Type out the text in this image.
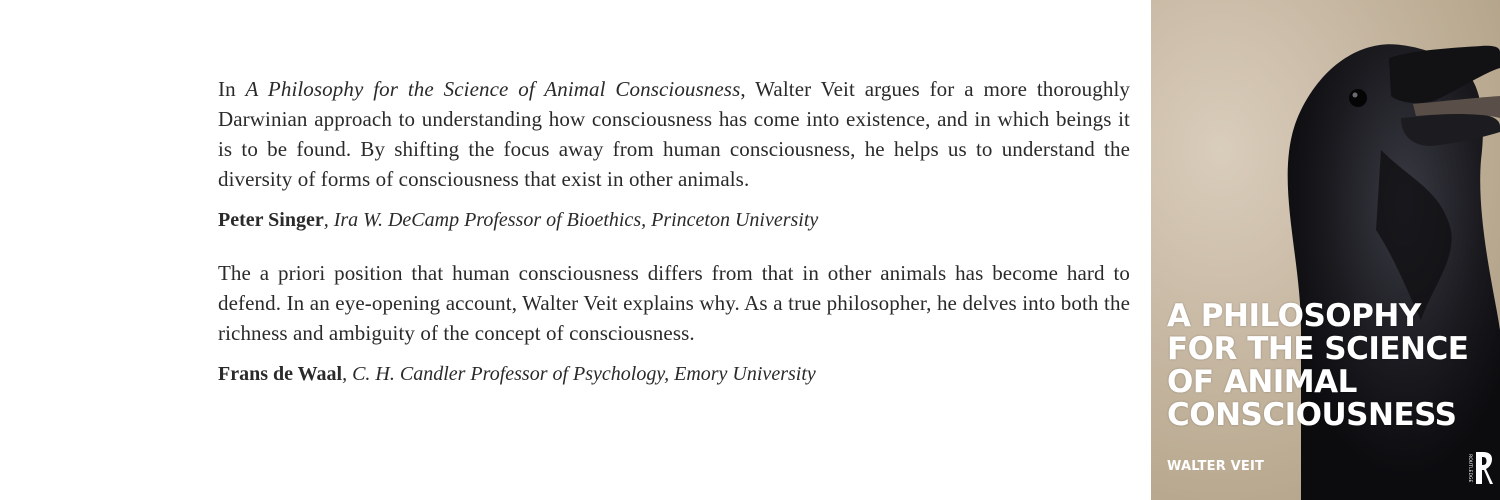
In A Philosophy for the Science of Animal Consciousness, Walter Veit argues for a more thoroughly Darwinian approach to understanding how consciousness has come into existence, and in which beings it is to be found. By shifting the focus away from human consciousness, he helps us to understand the diversity of forms of consciousness that exist in other animals.

Peter Singer, Ira W. DeCamp Professor of Bioethics, Princeton University

The a priori position that human consciousness differs from that in other animals has become hard to defend. In an eye-opening account, Walter Veit explains why. As a true philosopher, he delves into both the richness and ambiguity of the concept of consciousness.

Frans de Waal, C. H. Candler Professor of Psychology, Emory University

A PHILOSOPHY
FOR THE SCIENCE
OF ANIMAL
CONSCIOUSNESS
WALTER VEIT	ROUTLEDGE
